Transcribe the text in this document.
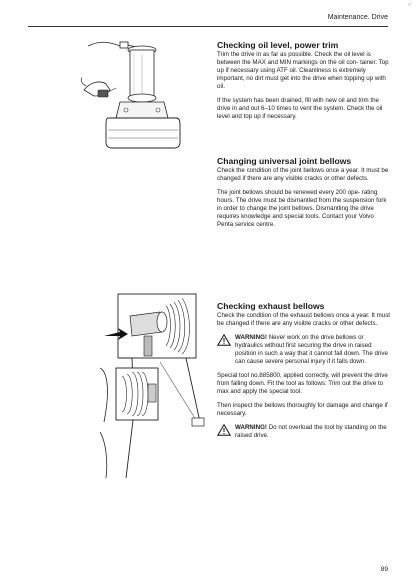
Maintenance. Drive
✓
Checking oil level, power trim

Trim the drive in as far as possible. Check the oil level is between the MAX and MIN markings on the oil con- tainer. Top up if necessary using ATF oil. Cleanliness is extremely important, no dirt must get into the drive when topping up with oil.

If the system has been drained, fill with new oil and trim the drive in and out 6–10 times to vent the system. Check the oil level and top up if necessary.

Changing universal joint bellows

Check the condition of the joint bellows once a year. It must be changed if there are any visible cracks or other defects.

The joint bellows should be renewed every 200 ope- rating hours. The drive must be dismantled from the suspension fork in order to change the joint bellows. Dismantling the drive requires knowledge and special tools. Contact your Volvo Penta service centre.

Checking exhaust bellows

Check the condition of the exhaust bellows once a year. It must be changed if there are any visible cracks or other defects.

WARNING! Never work on the drive bellows or hydraulics without first securing the drive in raised position in such a way that it cannot fall down. The drive can cause severe personal injury if it falls down.

Special tool no.885800, applied correctly, will prevent the drive from falling down. Fit the tool as follows: Trim out the drive to max and apply the special tool.

Then inspect the bellows thoroughly for damage and change if necessary.

WARNING! Do not overload the tool by standing on the raised drive.
89
